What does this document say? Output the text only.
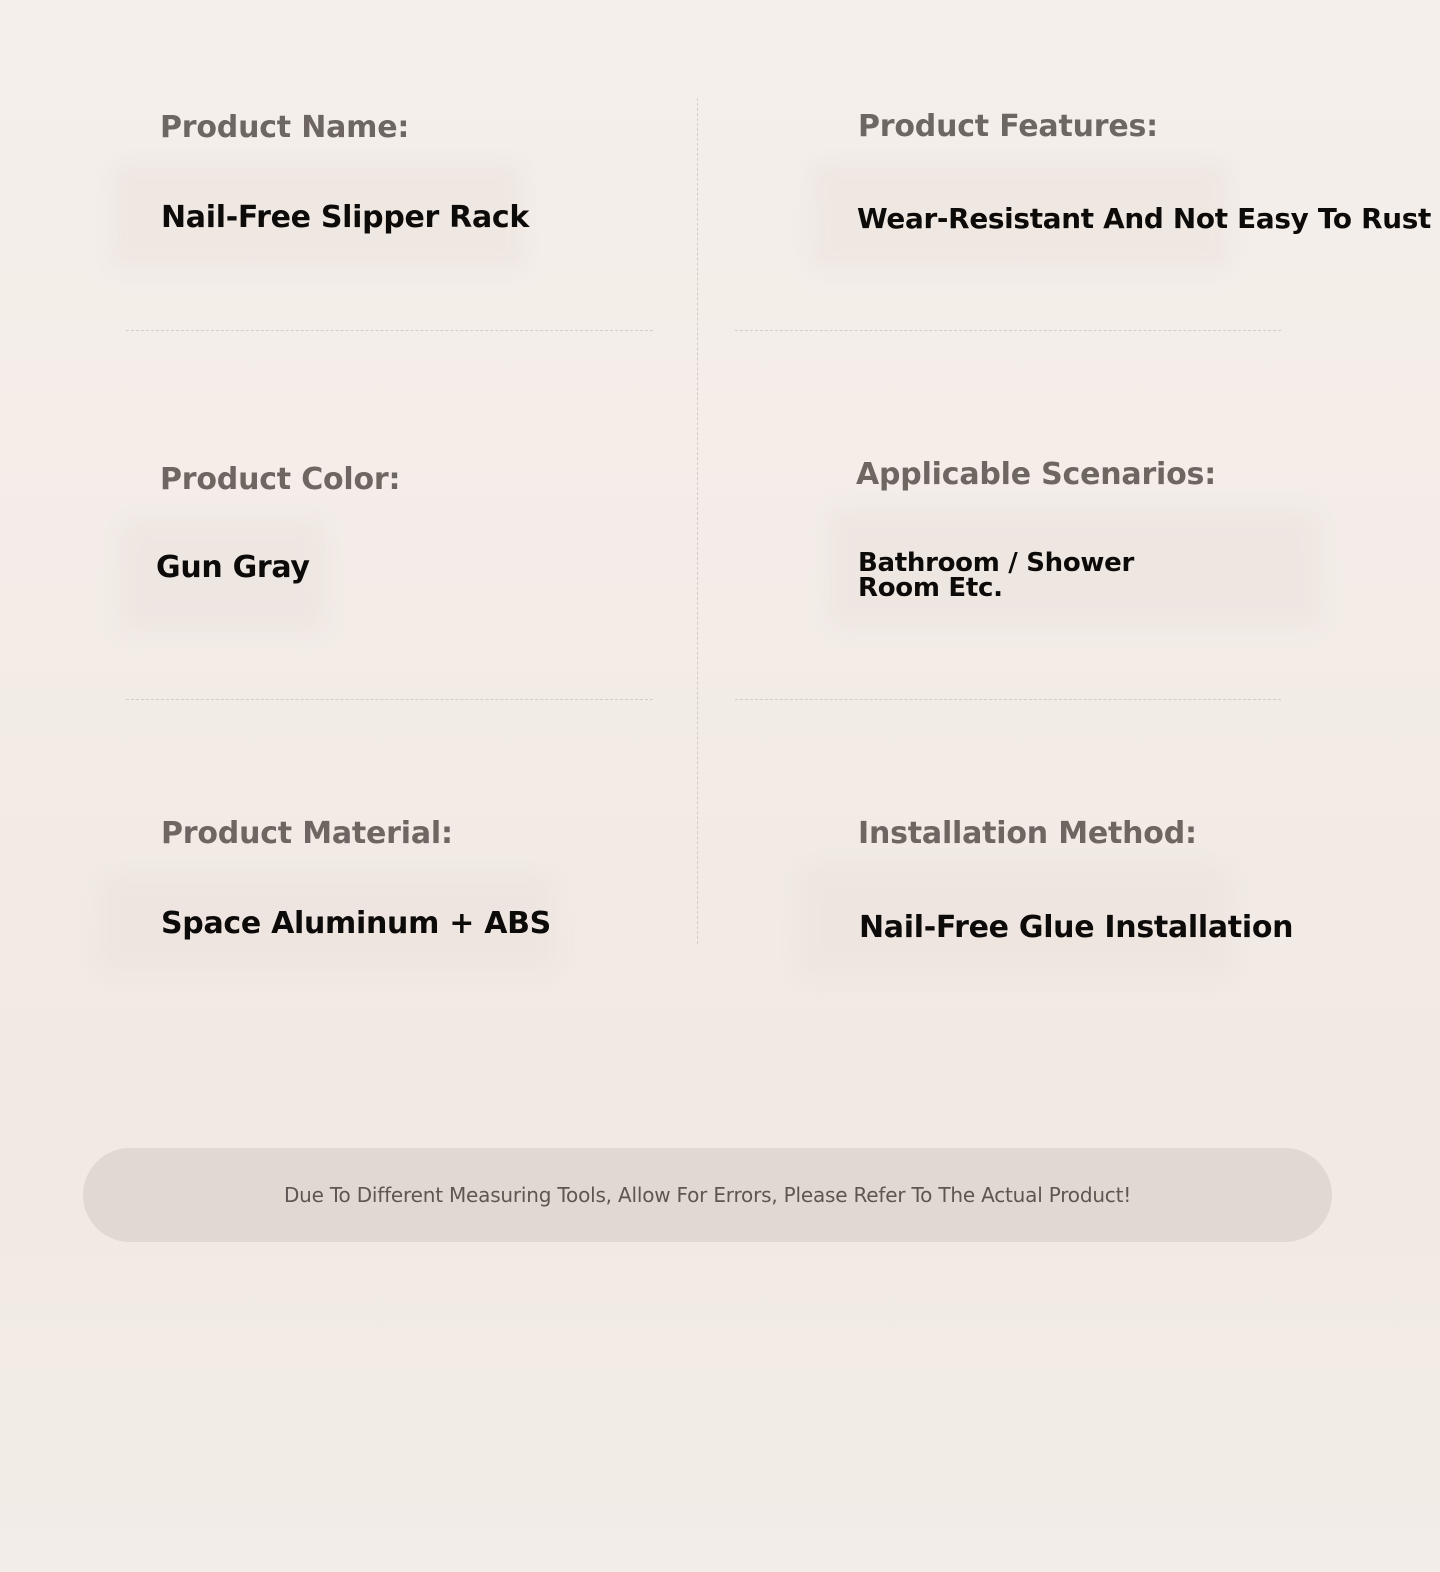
Product Name:
Nail-Free Slipper Rack
Product Features:
Wear-Resistant And Not Easy To Rust
Product Color:
Gun Gray
Applicable Scenarios:
Bathroom / Shower Room Etc.
Product Material:
Space Aluminum + ABS
Installation Method:
Nail-Free Glue Installation
Due To Different Measuring Tools, Allow For Errors, Please Refer To The Actual Product!
